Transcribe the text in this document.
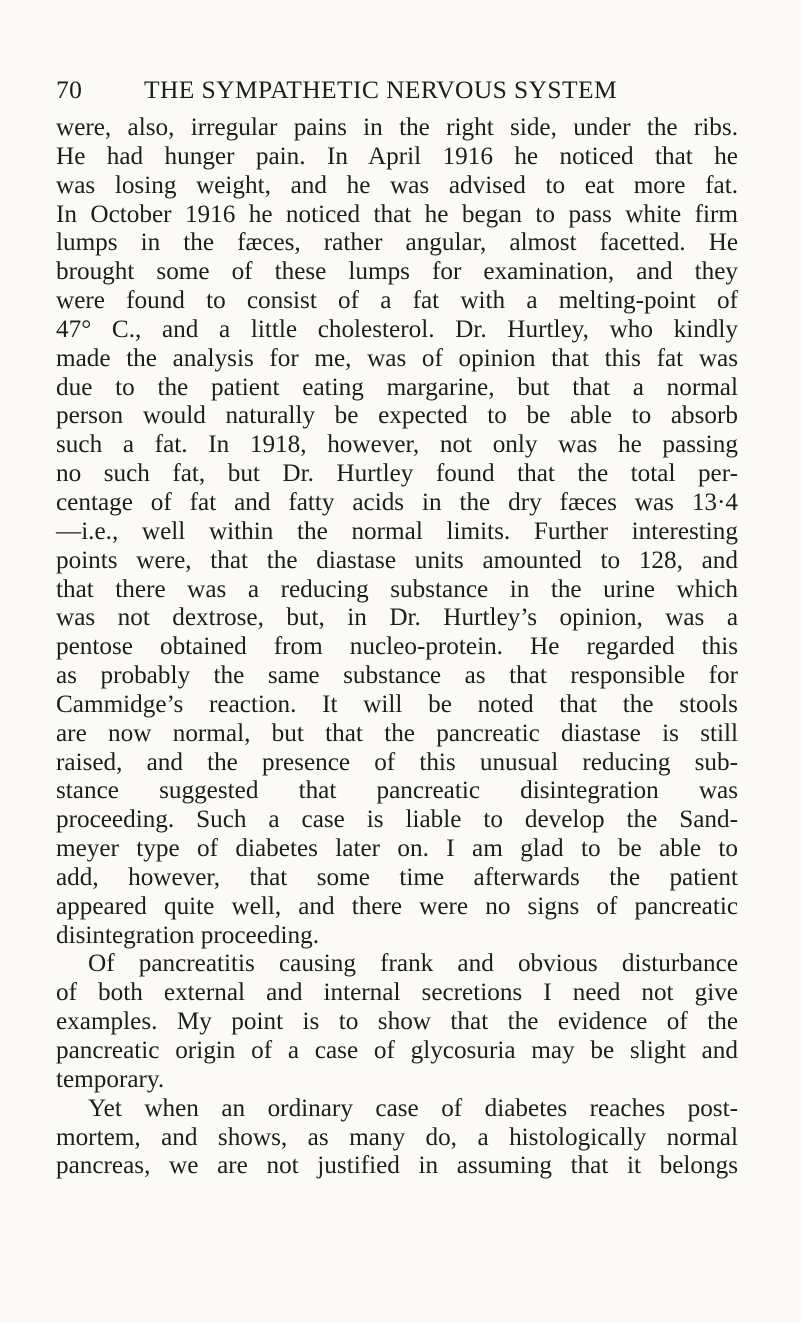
70 THE SYMPATHETIC NERVOUS SYSTEM
were, also, irregular pains in the right side, under the ribs.
He had hunger pain. In April 1916 he noticed that he
was losing weight, and he was advised to eat more fat.
In October 1916 he noticed that he began to pass white firm
lumps in the fæces, rather angular, almost facetted. He
brought some of these lumps for examination, and they
were found to consist of a fat with a melting-point of
47° C., and a little cholesterol. Dr. Hurtley, who kindly
made the analysis for me, was of opinion that this fat was
due to the patient eating margarine, but that a normal
person would naturally be expected to be able to absorb
such a fat. In 1918, however, not only was he passing
no such fat, but Dr. Hurtley found that the total per-
centage of fat and fatty acids in the dry fæces was 13·4
—i.e., well within the normal limits. Further interesting
points were, that the diastase units amounted to 128, and
that there was a reducing substance in the urine which
was not dextrose, but, in Dr. Hurtley’s opinion, was a
pentose obtained from nucleo-protein. He regarded this
as probably the same substance as that responsible for
Cammidge’s reaction. It will be noted that the stools
are now normal, but that the pancreatic diastase is still
raised, and the presence of this unusual reducing sub-
stance suggested that pancreatic disintegration was
proceeding. Such a case is liable to develop the Sand-
meyer type of diabetes later on. I am glad to be able to
add, however, that some time afterwards the patient
appeared quite well, and there were no signs of pancreatic
disintegration proceeding.
Of pancreatitis causing frank and obvious disturbance
of both external and internal secretions I need not give
examples. My point is to show that the evidence of the
pancreatic origin of a case of glycosuria may be slight and
temporary.
Yet when an ordinary case of diabetes reaches post-
mortem, and shows, as many do, a histologically normal
pancreas, we are not justified in assuming that it belongs
